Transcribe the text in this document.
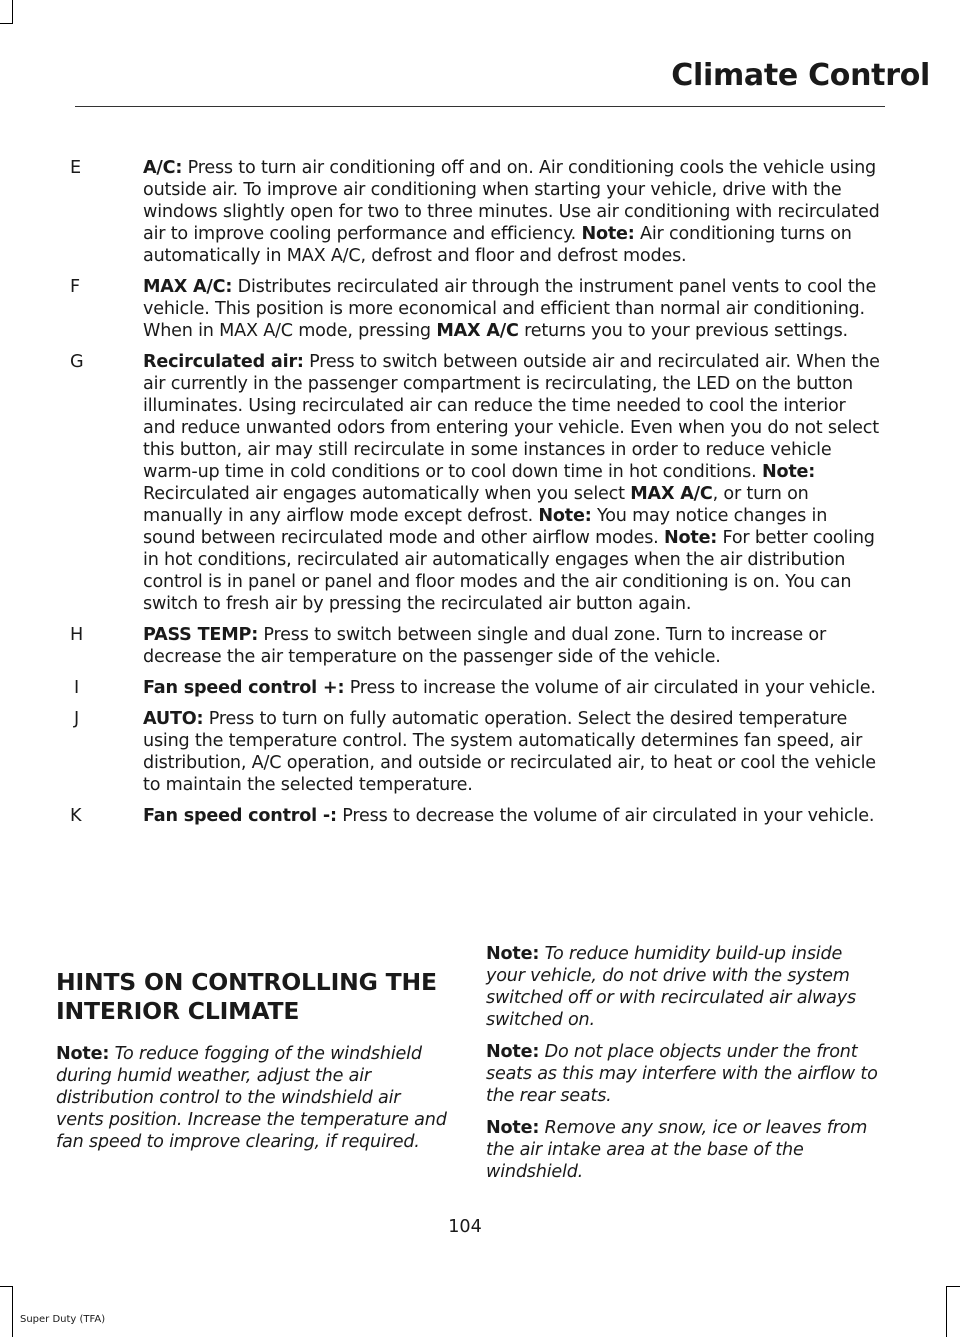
Climate Control
E	A/C: Press to turn air conditioning off and on. Air conditioning cools the vehicle using outside air. To improve air conditioning when starting your vehicle, drive with the windows slightly open for two to three minutes. Use air conditioning with recirculated air to improve cooling performance and efficiency. Note: Air conditioning turns on automatically in MAX A/C, defrost and floor and defrost modes.
F	MAX A/C: Distributes recirculated air through the instrument panel vents to cool the vehicle. This position is more economical and efficient than normal air conditioning. When in MAX A/C mode, pressing MAX A/C returns you to your previous settings.
G	Recirculated air: Press to switch between outside air and recirculated air. When the air currently in the passenger compartment is recirculating, the LED on the button illuminates. Using recirculated air can reduce the time needed to cool the interior and reduce unwanted odors from entering your vehicle. Even when you do not select this button, air may still recirculate in some instances in order to reduce vehicle warm-up time in cold conditions or to cool down time in hot conditions. Note: Recirculated air engages automatically when you select MAX A/C, or turn on manually in any airflow mode except defrost. Note: You may notice changes in sound between recirculated mode and other airflow modes. Note: For better cooling in hot conditions, recirculated air automatically engages when the air distribution control is in panel or panel and floor modes and the air conditioning is on. You can switch to fresh air by pressing the recirculated air button again.
H	PASS TEMP: Press to switch between single and dual zone. Turn to increase or decrease the air temperature on the passenger side of the vehicle.
I	Fan speed control +: Press to increase the volume of air circulated in your vehicle.
J	AUTO: Press to turn on fully automatic operation. Select the desired temperature using the temperature control. The system automatically determines fan speed, air distribution, A/C operation, and outside or recirculated air, to heat or cool the vehicle to maintain the selected temperature.
K	Fan speed control -: Press to decrease the volume of air circulated in your vehicle.
HINTS ON CONTROLLING THE
INTERIOR CLIMATE

Note: To reduce fogging of the windshield during humid weather, adjust the air distribution control to the windshield air vents position. Increase the temperature and fan speed to improve clearing, if required.

Note: To reduce humidity build-up inside your vehicle, do not drive with the system switched off or with recirculated air always switched on.

Note: Do not place objects under the front seats as this may interfere with the airflow to the rear seats.

Note: Remove any snow, ice or leaves from the air intake area at the base of the windshield.

104
Super Duty (TFA)
